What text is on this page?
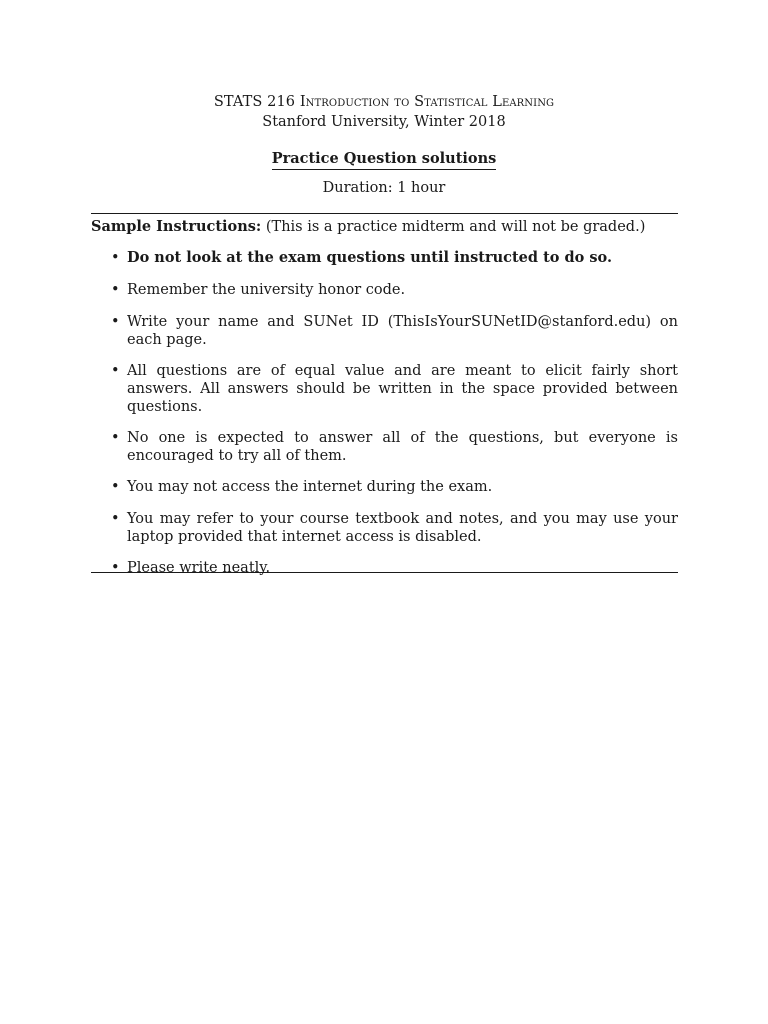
STATS 216 Introduction to Statistical Learning
Stanford University, Winter 2018
Practice Question solutions
Duration: 1 hour

Sample Instructions: (This is a practice midterm and will not be graded.)

• Do not look at the exam questions until instructed to do so.
• Remember the university honor code.
• Write your name and SUNet ID (ThisIsYourSUNetID@stanford.edu) on each page.
• All questions are of equal value and are meant to elicit fairly short answers. All answers should be written in the space provided between questions.
• No one is expected to answer all of the questions, but everyone is encouraged to try all of them.
• You may not access the internet during the exam.
• You may refer to your course textbook and notes, and you may use your laptop provided that internet access is disabled.
• Please write neatly.
